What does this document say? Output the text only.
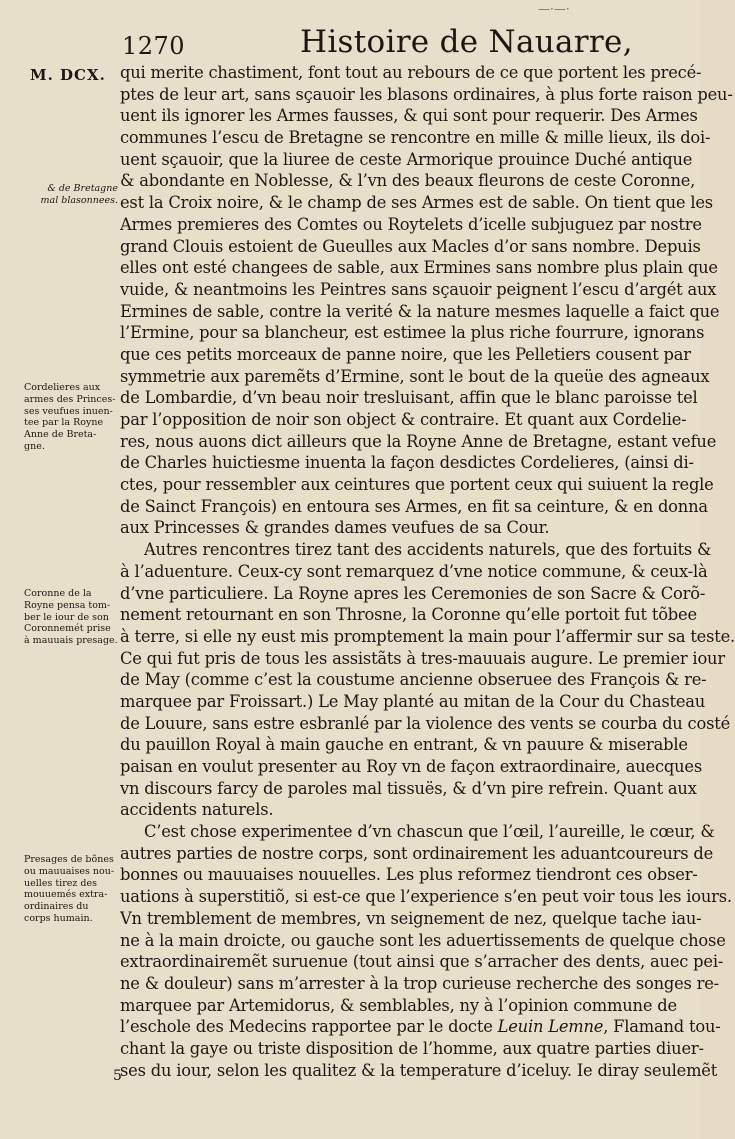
—·—·
1270	Histoire de Nauarre,
M. DCX.
& de Bretagne
mal blasonnees.
Cordelieres aux
armes des Princes-
ses veufues inuen-
tee par la Royne
Anne de Breta-
gne.
Coronne de la
Royne pensa tom-
ber le iour de son
Coronnemét prise
à mauuais presage.
Presages de bõnes
ou mauuaises nou-
uelles tirez des
mouuemés extra-
ordinaires du
corps humain.
qui merite chastiment, font tout au rebours de ce que portent les precé-
ptes de leur art, sans sçauoir les blasons ordinaires, à plus forte raison peu-
uent ils ignorer les Armes fausses, & qui sont pour requerir. Des Armes
communes l’escu de Bretagne se rencontre en mille & mille lieux, ils doi-
uent sçauoir, que la liuree de ceste Armorique prouince Duché antique
& abondante en Noblesse, & l’vn des beaux fleurons de ceste Coronne,
est la Croix noire, & le champ de ses Armes est de sable. On tient que les
Armes premieres des Comtes ou Roytelets d’icelle subjuguez par nostre
grand Clouis estoient de Gueulles aux Macles d’or sans nombre. Depuis
elles ont esté changees de sable, aux Ermines sans nombre plus plain que
vuide, & neantmoins les Peintres sans sçauoir peignent l’escu d’argét aux
Ermines de sable, contre la verité & la nature mesmes laquelle a faict que
l’Ermine, pour sa blancheur, est estimee la plus riche fourrure, ignorans
que ces petits morceaux de panne noire, que les Pelletiers cousent par
symmetrie aux paremẽts d’Ermine, sont le bout de la queüe des agneaux
de Lombardie, d’vn beau noir tresluisant, affin que le blanc paroisse tel
par l’opposition de noir son object & contraire. Et quant aux Cordelie-
res, nous auons dict ailleurs que la Royne Anne de Bretagne, estant vefue
de Charles huictiesme inuenta la façon desdictes Cordelieres, (ainsi di-
ctes, pour ressembler aux ceintures que portent ceux qui suiuent la regle
de Sainct François) en entoura ses Armes, en fit sa ceinture, & en donna
aux Princesses & grandes dames veufues de sa Cour.
Autres rencontres tirez tant des accidents naturels, que des fortuits &
à l’aduenture. Ceux-cy sont remarquez d’vne notice commune, & ceux-là
d’vne particuliere. La Royne apres les Ceremonies de son Sacre & Corõ-
nement retournant en son Throsne, la Coronne qu’elle portoit fut tõbee
à terre, si elle ny eust mis promptement la main pour l’affermir sur sa teste.
Ce qui fut pris de tous les assistãts à tres-mauuais augure. Le premier iour
de May (comme c’est la coustume ancienne obseruee des François & re-
marquee par Froissart.) Le May planté au mitan de la Cour du Chasteau
de Louure, sans estre esbranlé par la violence des vents se courba du costé
du pauillon Royal à main gauche en entrant, & vn pauure & miserable
paisan en voulut presenter au Roy vn de façon extraordinaire, auecques
vn discours farcy de paroles mal tissuës, & d’vn pire refrein. Quant aux
accidents naturels.
C’est chose experimentee d’vn chascun que l’œil, l’aureille, le cœur, &
autres parties de nostre corps, sont ordinairement les aduantcoureurs de
bonnes ou mauuaises nouuelles. Les plus reformez tiendront ces obser-
uations à superstitiõ, si est-ce que l’experience s’en peut voir tous les iours.
Vn tremblement de membres, vn seignement de nez, quelque tache iau-
ne à la main droicte, ou gauche sont les aduertissements de quelque chose
extraordinairemẽt suruenue (tout ainsi que s’arracher des dents, auec pei-
ne & douleur) sans m’arrester à la trop curieuse recherche des songes re-
marquee par Artemidorus, & semblables, ny à l’opinion commune de
l’eschole des Medecins rapportee par le docte Leuin Lemne, Flamand tou-
chant la gaye ou triste disposition de l’homme, aux quatre parties diuer-
ses du iour, selon les qualitez & la temperature d’iceluy. Ie diray seulemẽt
5
